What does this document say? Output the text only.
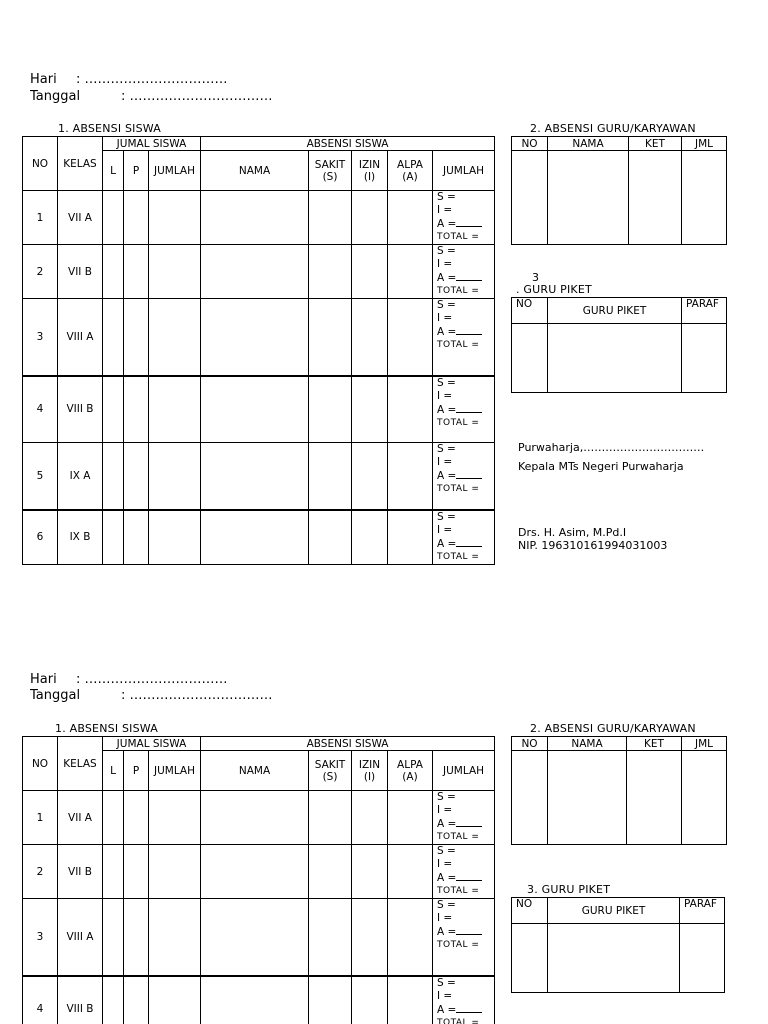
Hari : ……………………………
Tanggal	: ……………………………
1. ABSENSI SISWA
NO	KELAS	JUMAL SISWA			ABSENSI SISWA				
		L	P	JUMLAH	NAMA	SAKIT (S)	IZIN (I)	ALPA (A)	JUMLAH
1	VII A								S =
I =
A =
TOTAL =

2	VII B								S =
I =
A =
TOTAL =

3	VIII A								S =
I =
A =
TOTAL =

4	VIII B								S =
I =
A =
TOTAL =

5	IX A								S =
I =
A =
TOTAL =

6	IX B								S =
I =
A =
TOTAL =
2. ABSENSI GURU/KARYAWAN
NO	NAMA	KET	JML

3
. GURU PIKET
NO	GURU PIKET	PARAF

Purwaharja,……………………………
Kepala MTs Negeri Purwaharja
Drs. H. Asim, M.Pd.I
NIP. 196310161994031003
Hari : ……………………………
Tanggal	: ……………………………
1. ABSENSI SISWA
NO	KELAS	JUMAL SISWA			ABSENSI SISWA				
		L	P	JUMLAH	NAMA	SAKIT (S)	IZIN (I)	ALPA (A)	JUMLAH
1	VII A								S =
I =
A =
TOTAL =

2	VII B								S =
I =
A =
TOTAL =

3	VIII A								S =
I =
A =
TOTAL =

4	VIII B								S =
I =
A =
TOTAL =
2. ABSENSI GURU/KARYAWAN
NO	NAMA	KET	JML

3. GURU PIKET
NO	GURU PIKET	PARAF
